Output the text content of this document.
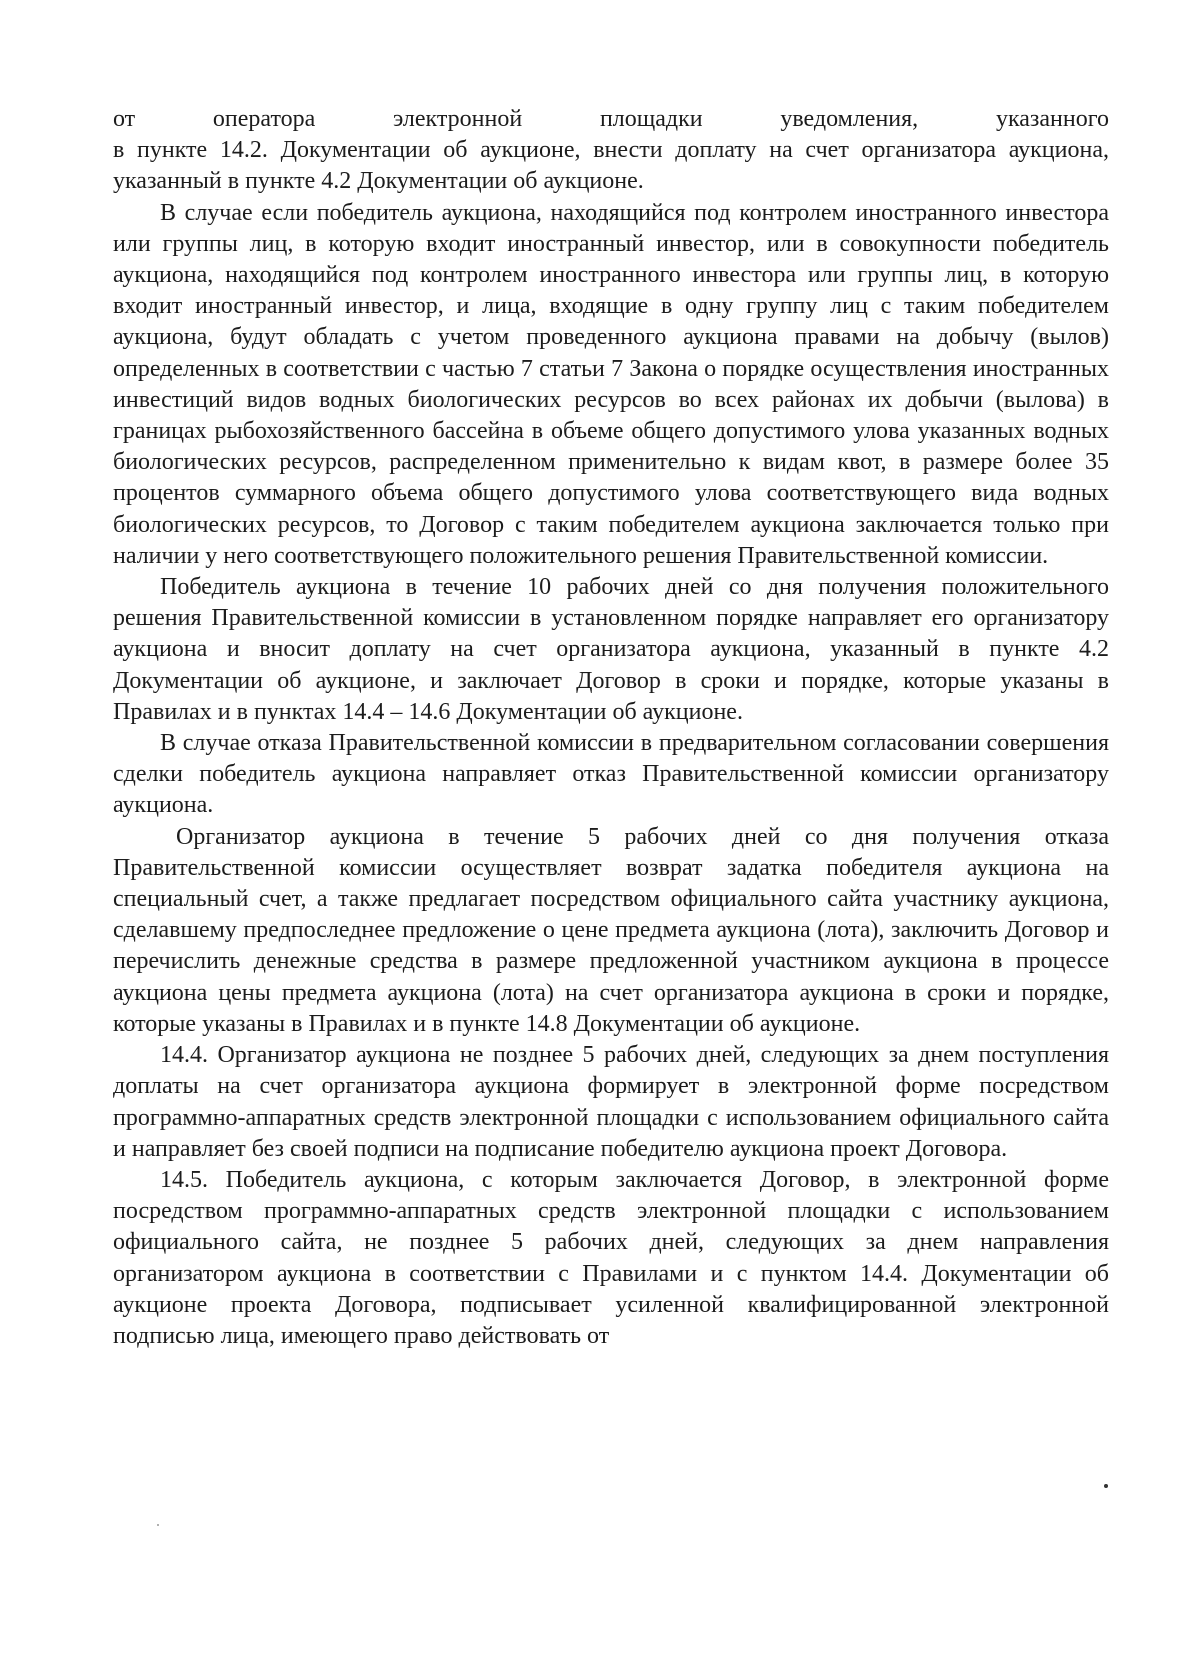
от	оператора	электронной	площадки	уведомления,	указанного

в пункте 14.2. Документации об аукционе, внести доплату на счет организатора аукциона, указанный в пункте 4.2 Документации об аукционе.

В случае если победитель аукциона, находящийся под контролем иностранного инвестора или группы лиц, в которую входит иностранный инвестор, или в совокупности победитель аукциона, находящийся под контролем иностранного инвестора или группы лиц, в которую входит иностранный инвестор, и лица, входящие в одну группу лиц с таким победителем аукциона, будут обладать с учетом проведенного аукциона правами на добычу (вылов) определенных в соответствии с частью 7 статьи 7 Закона о порядке осуществления иностранных инвестиций видов водных биологических ресурсов во всех районах их добычи (вылова) в границах рыбохозяйственного бассейна в объеме общего допустимого улова указанных водных биологических ресурсов, распределенном применительно к видам квот, в размере более 35 процентов суммарного объема общего допустимого улова соответствующего вида водных биологических ресурсов, то Договор с таким победителем аукциона заключается только при наличии у него соответствующего положительного решения Правительственной комиссии.

Победитель аукциона в течение 10 рабочих дней со дня получения положительного решения Правительственной комиссии в установленном порядке направляет его организатору аукциона и вносит доплату на счет организатора аукциона, указанный в пункте 4.2 Документации об аукционе, и заключает Договор в сроки и порядке, которые указаны в Правилах и в пунктах 14.4 – 14.6 Документации об аукционе.

В случае отказа Правительственной комиссии в предварительном согласовании совершения сделки победитель аукциона направляет отказ Правительственной комиссии организатору аукциона.

Организатор аукциона в течение 5 рабочих дней со дня получения отказа Правительственной комиссии осуществляет возврат задатка победителя аукциона на специальный счет, а также предлагает посредством официального сайта участнику аукциона, сделавшему предпоследнее предложение о цене предмета аукциона (лота), заключить Договор и перечислить денежные средства в размере предложенной участником аукциона в процессе аукциона цены предмета аукциона (лота) на счет организатора аукциона в сроки и порядке, которые указаны в Правилах и в пункте 14.8 Документации об аукционе.

14.4. Организатор аукциона не позднее 5 рабочих дней, следующих за днем поступления доплаты на счет организатора аукциона формирует в электронной форме посредством программно-аппаратных средств электронной площадки с использованием официального сайта и направляет без своей подписи на подписание победителю аукциона проект Договора.

14.5. Победитель аукциона, с которым заключается Договор, в электронной форме посредством программно-аппаратных средств электронной площадки с использованием официального сайта, не позднее 5 рабочих дней, следующих за днем направления организатором аукциона в соответствии с Правилами и с пунктом 14.4. Документации об аукционе проекта Договора, подписывает усиленной квалифицированной электронной подписью лица, имеющего право действовать от
